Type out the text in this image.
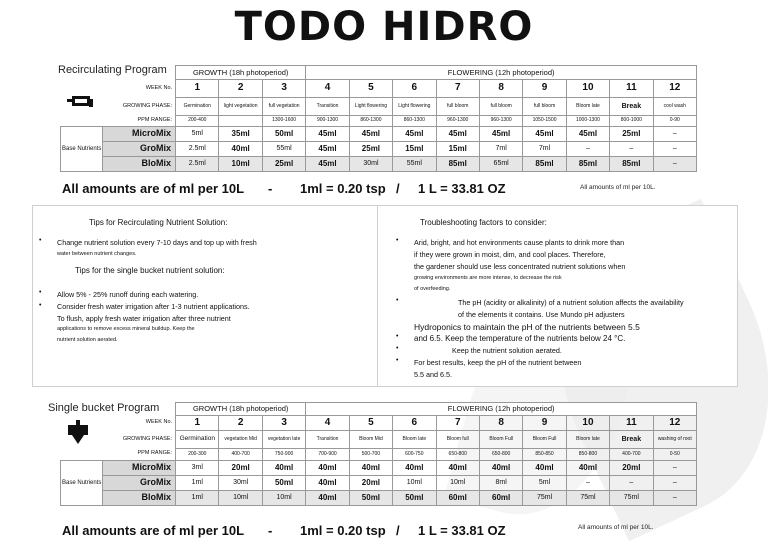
TODO HIDRO
Recirculating Program
		GROWTH (18h photoperiod)			FLOWERING (12h photoperiod)								
	WEEK No.	1	2	3	4	5	6	7	8	9	10	11	12
	GROWING PHASE:	Germination	light vegetation	full vegetation	Transition	Light flowering	Light flowering	full bloom	full bloom	full bloom	Bloom late	Break	cool wash
	PPM RANGE:	200-400		1300-1600	900-1300	860-1300	860-1300	960-1300	960-1300	1050-1500	1000-1300	800-1000	0-90
Base Nutrients	MicroMix	5ml	35ml	50ml	45ml	45ml	45ml	45ml	45ml	45ml	45ml	25ml	–
	GroMix	2.5ml	40ml	55ml	45ml	25ml	15ml	15ml	7ml	7ml	–	–	–
	BloMix	2.5ml	10ml	25ml	45ml	30ml	55ml	85ml	65ml	85ml	85ml	85ml	–
All amounts are of ml per 10L - 1ml = 0.20 tsp / 1 L = 33.81 OZ	All amounts of ml per 10L.
Tips for Recirculating Nutrient Solution:
• Change nutrient solution every 7-10 days and top up with fresh
water between nutrient changes.
Tips for the single bucket nutrient solution:
• Allow 5% - 25% runoff during each watering.
• Consider fresh water irrigation after 1-3 nutrient applications.
To flush, apply fresh water irrigation after three nutrient
applications to remove excess mineral buildup. Keep the
nutrient solution aerated.
Troubleshooting factors to consider:
• Arid, bright, and hot environments cause plants to drink more than
if they were grown in moist, dim, and cool places. Therefore,
the gardener should use less concentrated nutrient solutions when
growing environments are more intense, to decrease the risk
of overfeeding.
•	The pH (acidity or alkalinity) of a nutrient solution affects the availability
of the elements it contains. Use Mundo pH adjusters
Hydroponics to maintain the pH of the nutrients between 5.5
• and 6.5. Keep the temperature of the nutrients below 24 °C.
•	Keep the nutrient solution aerated.
• For best results, keep the pH of the nutrient between
5.5 and 6.5.
Single bucket Program
		GROWTH (18h photoperiod)			FLOWERING (12h photoperiod)								
	WEEK No.	1	2	3	4	5	6	7	8	9	10	11	12
	GROWING PHASE:	Germination	vegetation Mid	vegetation late	Transition	Bloom Mid	Bloom late	Bloom full	Bloom Full	Bloom Full	Bloom late	Break	washing of root
	PPM RANGE:	200-300	400-700	750-900	700-900	500-700	600-750	650-800	650-800	850-850	850-800	400-700	0-50
Base Nutrients	MicroMix	3ml	20ml	40ml	40ml	40ml	40ml	40ml	40ml	40ml	40ml	20ml	–
	GroMix	1ml	30ml	50ml	40ml	20ml	10ml	10ml	8ml	5ml	–	–	–
	BloMix	1ml	10ml	10ml	40ml	50ml	50ml	60ml	60ml	75ml	75ml	75ml	–
All amounts are of ml per 10L - 1ml = 0.20 tsp / 1 L = 33.81 OZ	All amounts of ml per 10L.
